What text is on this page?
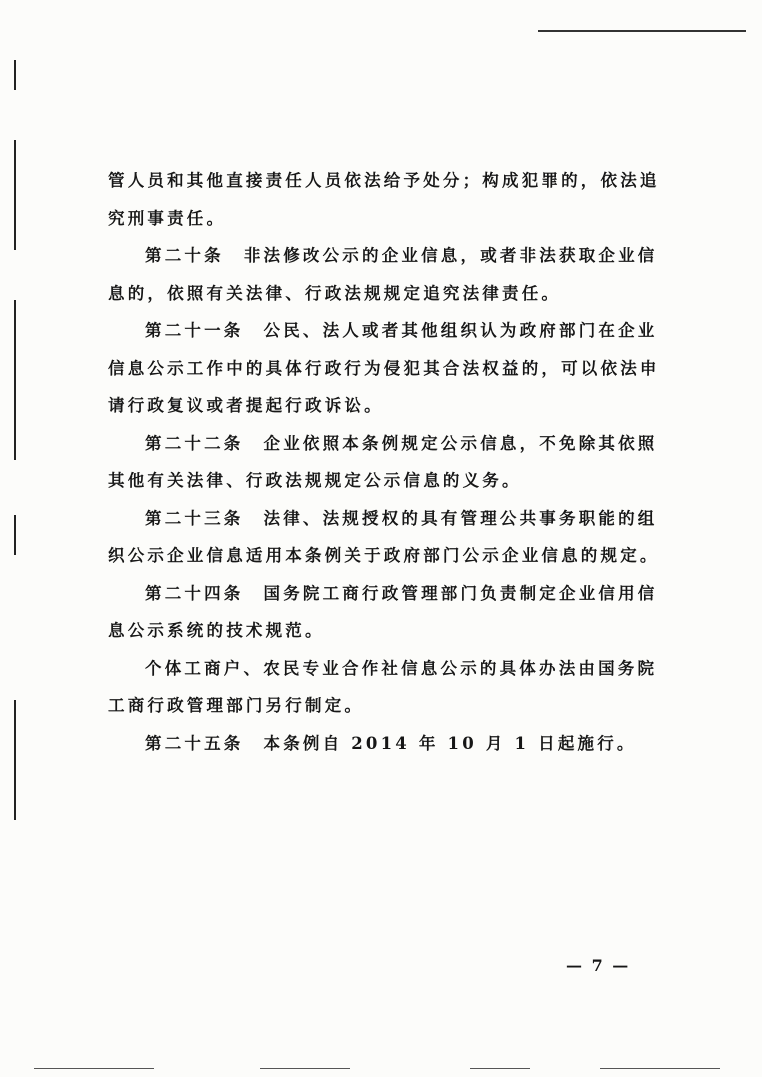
管人员和其他直接责任人员依法给予处分；构成犯罪的，依法追
究刑事责任。
第二十条 非法修改公示的企业信息，或者非法获取企业信
息的，依照有关法律、行政法规规定追究法律责任。
第二十一条 公民、法人或者其他组织认为政府部门在企业
信息公示工作中的具体行政行为侵犯其合法权益的，可以依法申
请行政复议或者提起行政诉讼。
第二十二条 企业依照本条例规定公示信息，不免除其依照
其他有关法律、行政法规规定公示信息的义务。
第二十三条 法律、法规授权的具有管理公共事务职能的组
织公示企业信息适用本条例关于政府部门公示企业信息的规定。
第二十四条 国务院工商行政管理部门负责制定企业信用信
息公示系统的技术规范。
个体工商户、农民专业合作社信息公示的具体办法由国务院
工商行政管理部门另行制定。
第二十五条 本条例自 2014 年 10 月 1 日起施行。
— 7 —
